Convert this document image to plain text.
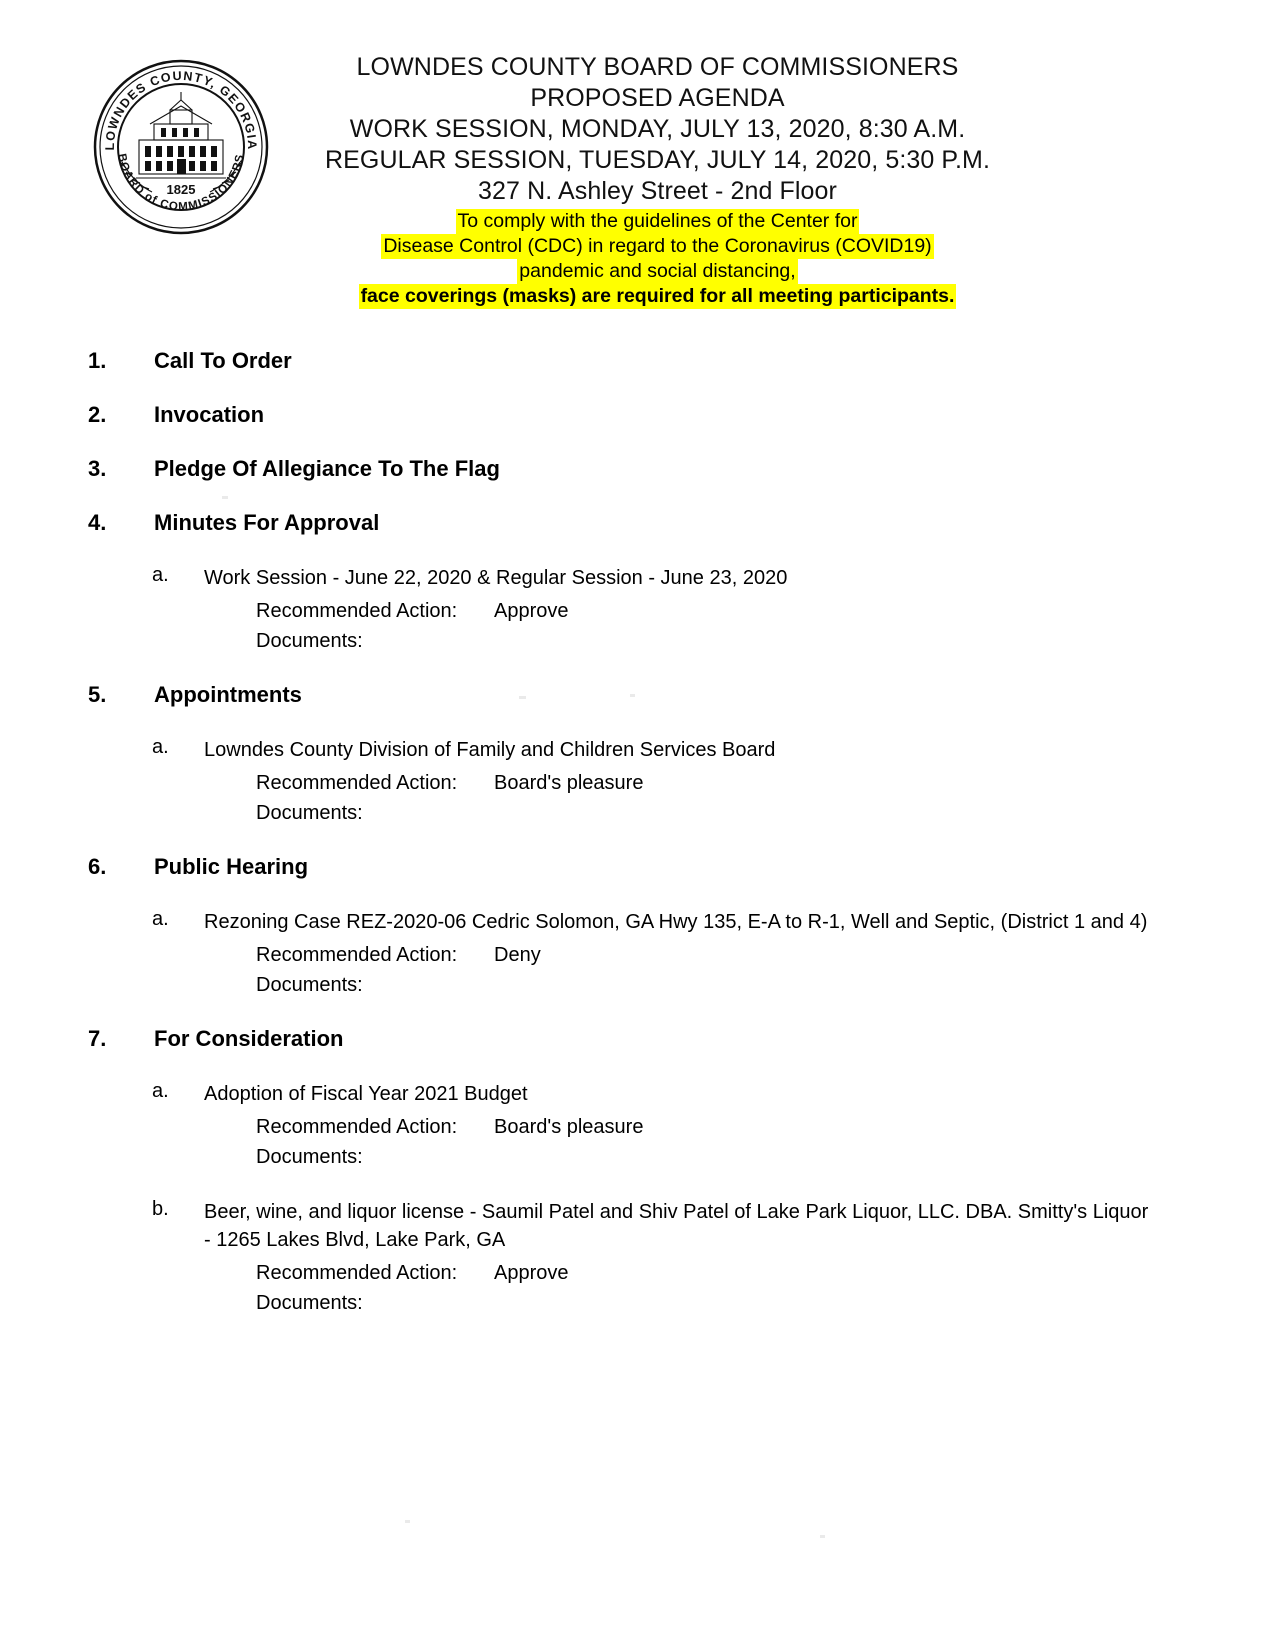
LOWNDES COUNTY, GEORGIA
BOARD of COMMISSIONERS
1825
LOWNDES COUNTY BOARD OF COMMISSIONERS
PROPOSED AGENDA
WORK SESSION, MONDAY, JULY 13, 2020, 8:30 A.M.
REGULAR SESSION, TUESDAY, JULY 14, 2020, 5:30 P.M.
327 N. Ashley Street - 2nd Floor
To comply with the guidelines of the Center for
Disease Control (CDC) in regard to the Coronavirus (COVID19)
pandemic and social distancing,
face coverings (masks) are required for all meeting participants.
1.	Call To Order
2.	Invocation
3.	Pledge Of Allegiance To The Flag
4.	Minutes For Approval
a.	Work Session - June 22, 2020 & Regular Session - June 23, 2020
Recommended Action:	Approve
Documents:
5.	Appointments
a.	Lowndes County Division of Family and Children Services Board
Recommended Action:	Board's pleasure
Documents:
6.	Public Hearing
a.	Rezoning Case REZ-2020-06 Cedric Solomon, GA Hwy 135, E-A to R-1, Well and Septic, (District 1 and 4)
Recommended Action:	Deny
Documents:
7.	For Consideration
a.	Adoption of Fiscal Year 2021 Budget
Recommended Action:	Board's pleasure
Documents:
b.	Beer, wine, and liquor license - Saumil Patel and Shiv Patel of Lake Park Liquor, LLC. DBA. Smitty's Liquor - 1265 Lakes Blvd, Lake Park, GA
Recommended Action:	Approve
Documents:
